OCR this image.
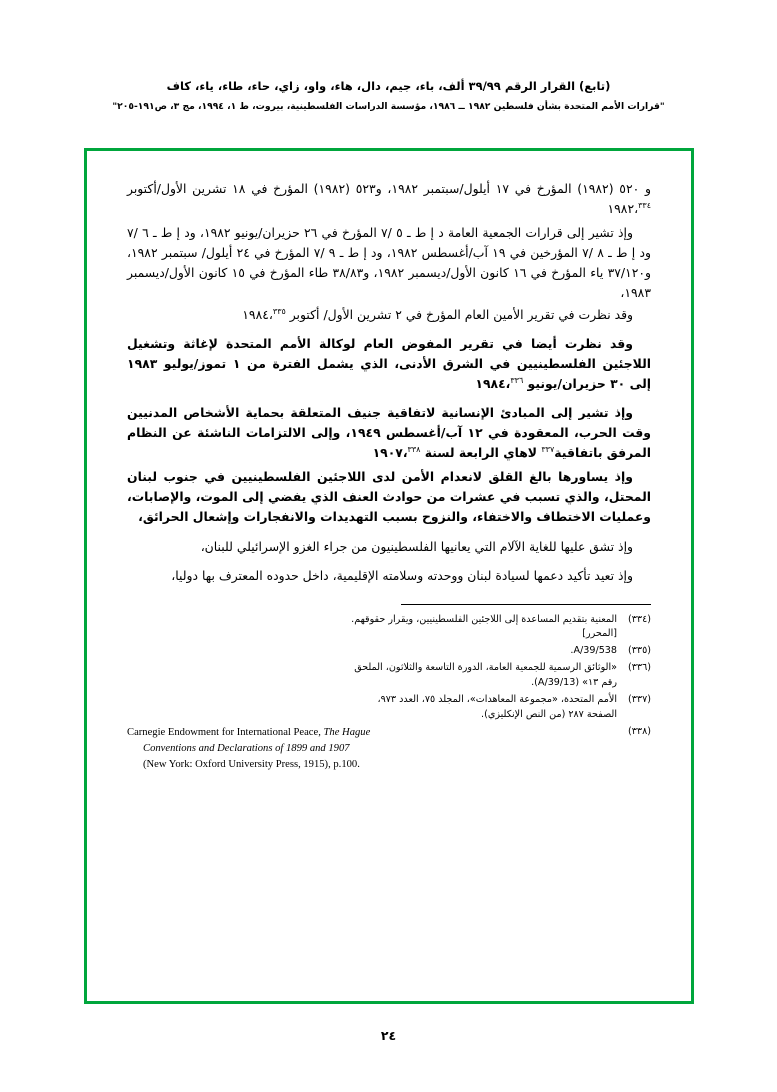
(تابع) القرار الرقم ٣٩/٩٩ ألف، باء، جيم، دال، هاء، واو، زاي، حاء، طاء، ياء، كاف
"قرارات الأمم المتحدة بشأن فلسطين ١٩٨٢ ــ ١٩٨٦، مؤسسة الدراسات الفلسطينية، بيروت، ط ١، ١٩٩٤، مج ٣، ص١٩١-٢٠٥"

و ٥٢٠ (١٩٨٢) المؤرخ في ١٧ أيلول/سبتمبر ١٩٨٢، و٥٢٣ (١٩٨٢) المؤرخ في ١٨ تشرين الأول/أكتوبر ١٩٨٢،$^{٣٣٤}$

وإذ تشير إلى قرارات الجمعية العامة د إ ط ـ ٥ /٧ المؤرخ في ٢٦ حزيران/يونيو ١٩٨٢، ود إ ط ـ ٦ /٧ ود إ ط ـ ٨ /٧ المؤرخين في ١٩ آب/أغسطس ١٩٨٢، ود إ ط ـ ٩ /٧ المؤرخ في ٢٤ أيلول/ سبتمبر ١٩٨٢، و٣٧/١٢٠ ياء المؤرخ في ١٦ كانون الأول/ديسمبر ١٩٨٢، و٣٨/٨٣ طاء المؤرخ في ١٥ كانون الأول/ديسمبر ١٩٨٣،

وقد نظرت في تقرير الأمين العام المؤرخ في ٢ تشرين الأول/ أكتوبر ١٩٨٤،$^{٣٣٥}$

وقد نظرت أيضا في تقرير المفوض العام لوكالة الأمم المتحدة لإغاثة وتشغيل اللاجئين الفلسطينيين في الشرق الأدنى، الذي يشمل الفترة من ١ تموز/يوليو ١٩٨٣ إلى ٣٠ حزيران/يونيو ١٩٨٤،$^{٣٣٦}$

وإذ تشير إلى المبادئ الإنسانية لاتفاقية جنيف المتعلقة بحماية الأشخاص المدنيين وقت الحرب، المعقودة في ١٢ آب/أغسطس ١٩٤٩، وإلى الالتزامات الناشئة عن النظام المرفق باتفاقية$^{٣٣٧}$ لاهاي الرابعة لسنة ١٩٠٧،$^{٣٣٨}$

وإذ يساورها بالغ القلق لانعدام الأمن لدى اللاجئين الفلسطينيين في جنوب لبنان المحتل، والذي تسبب في عشرات من حوادث العنف الذي يفضي إلى الموت، والإصابات، وعمليات الاختطاف والاختفاء، والنزوح بسبب التهديدات والانفجارات وإشعال الحرائق،

وإذ تشق عليها للغاية الآلام التي يعانيها الفلسطينيون من جراء الغزو الإسرائيلي للبنان،

وإذ تعيد تأكيد دعمها لسيادة لبنان ووحدته وسلامته الإقليمية، داخل حدوده المعترف بها دوليا،

(٣٣٤)
المعنية بتقديم المساعدة إلى اللاجئين الفلسطينيين، ويقرار حقوقهم.
[المحرر]
(٣٣٥)
A/39/538.
(٣٣٦)
«الوثائق الرسمية للجمعية العامة، الدورة التاسعة والثلاثون، الملحق
رقم ١٣» (A/39/13).
(٣٣٧)
الأمم المتحدة، «مجموعة المعاهدات»، المجلد ٧٥، العدد ٩٧٣،
الصفحة ٢٨٧ (من النص الإنكليزي).
(٣٣٨)
Carnegie Endowment for International Peace, The Hague
Conventions and Declarations of 1899 and 1907
(New York: Oxford University Press, 1915), p.100.
٢٤
